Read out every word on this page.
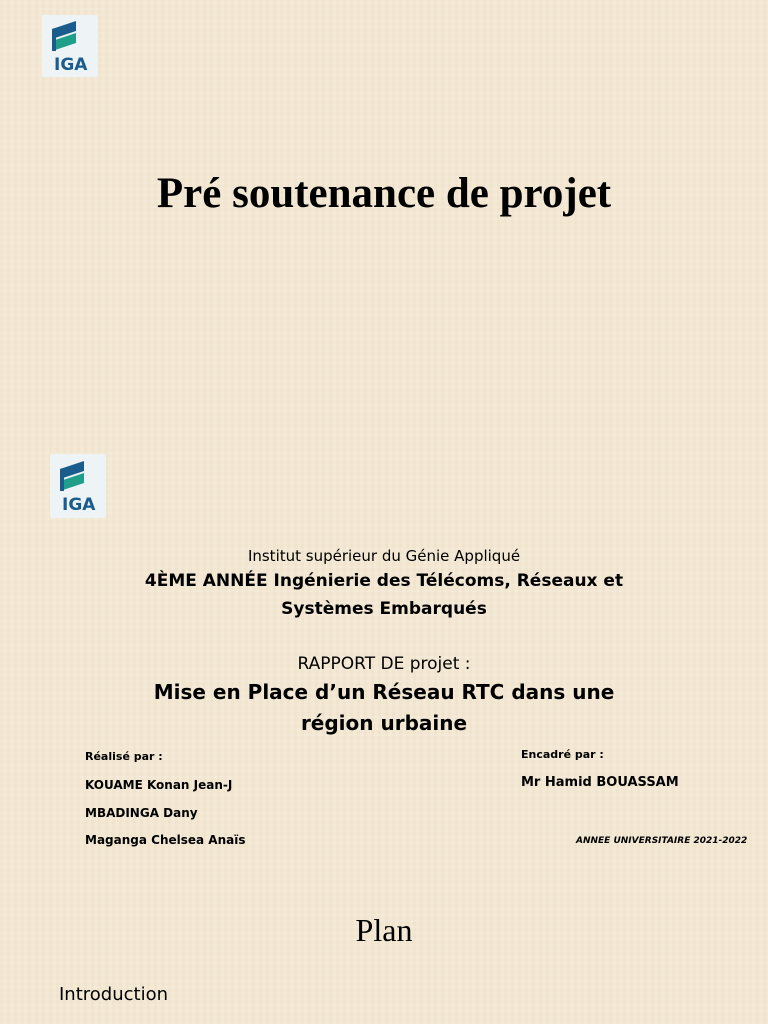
IGA
Pré soutenance de projet
IGA
Institut supérieur du Génie Appliqué
4ÈME ANNÉE Ingénierie des Télécoms, Réseaux et
Systèmes Embarqués
RAPPORT DE projet :
Mise en Place d’un Réseau RTC dans une
région urbaine
Réalisé par :
KOUAME Konan Jean-J
MBADINGA Dany
Maganga Chelsea Anaïs
Encadré par :
Mr Hamid BOUASSAM
ANNEE UNIVERSITAIRE 2021-2022
Plan
Introduction
